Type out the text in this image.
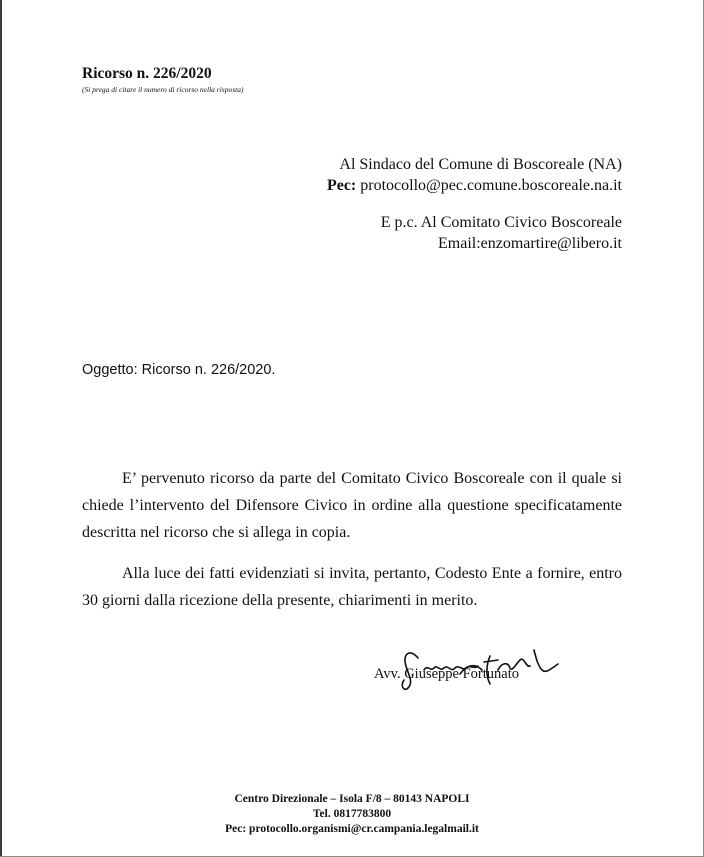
Ricorso n. 226/2020
(Si prega di citare il numero di ricorso nella risposta)
Al Sindaco del Comune di Boscoreale (NA)
Pec: protocollo@pec.comune.boscoreale.na.it
E p.c. Al Comitato Civico Boscoreale
Email:enzomartire@libero.it
Oggetto: Ricorso n. 226/2020.
E’ pervenuto ricorso da parte del Comitato Civico Boscoreale con il quale si chiede l’intervento del Difensore Civico in ordine alla questione specificatamente descritta nel ricorso che si allega in copia.
Alla luce dei fatti evidenziati si invita, pertanto, Codesto Ente a fornire, entro 30 giorni dalla ricezione della presente, chiarimenti in merito.
Avv. Giuseppe Fortunato
Centro Direzionale – Isola F/8 – 80143 NAPOLI
Tel. 0817783800
Pec: protocollo.organismi@cr.campania.legalmail.it
